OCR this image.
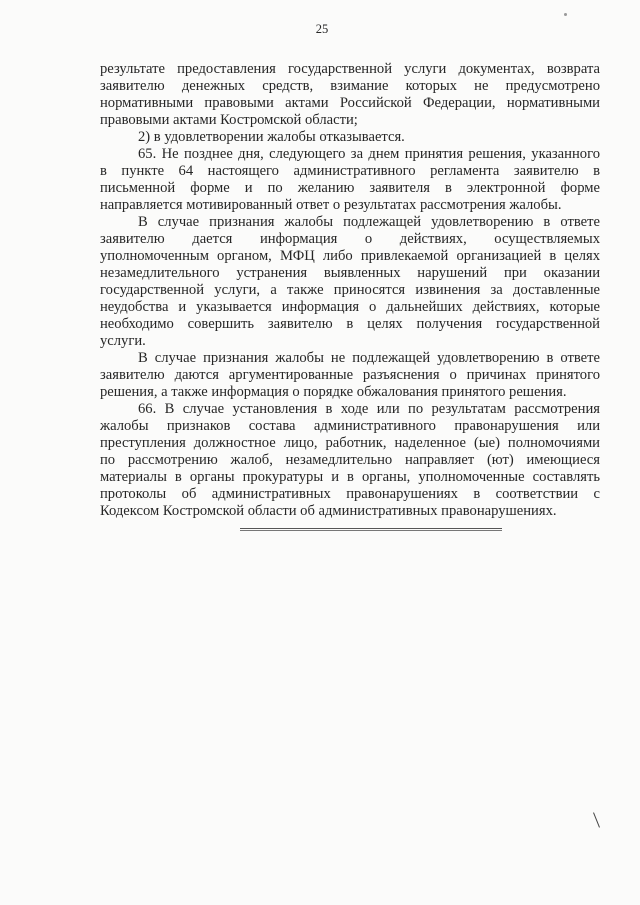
25
результате предоставления государственной услуги документах, возврата
заявителю денежных средств, взимание которых не предусмотрено
нормативными правовыми актами Российской Федерации, нормативными
правовыми актами Костромской области;
2) в удовлетворении жалобы отказывается.
65. Не позднее дня, следующего за днем принятия решения, указанного
в пункте 64 настоящего административного регламента заявителю в
письменной форме и по желанию заявителя в электронной форме
направляется мотивированный ответ о результатах рассмотрения жалобы.
В случае признания жалобы подлежащей удовлетворению в ответе
заявителю дается информация о действиях, осуществляемых
уполномоченным органом, МФЦ либо привлекаемой организацией в целях
незамедлительного устранения выявленных нарушений при оказании
государственной услуги, а также приносятся извинения за доставленные
неудобства и указывается информация о дальнейших действиях, которые
необходимо совершить заявителю в целях получения государственной
услуги.
В случае признания жалобы не подлежащей удовлетворению в ответе
заявителю даются аргументированные разъяснения о причинах принятого
решения, а также информация о порядке обжалования принятого решения.
66. В случае установления в ходе или по результатам рассмотрения
жалобы признаков состава административного правонарушения или
преступления должностное лицо, работник, наделенное (ые) полномочиями
по рассмотрению жалоб, незамедлительно направляет (ют) имеющиеся
материалы в органы прокуратуры и в органы, уполномоченные составлять
протоколы об административных правонарушениях в соответствии с
Кодексом Костромской области об административных правонарушениях.
